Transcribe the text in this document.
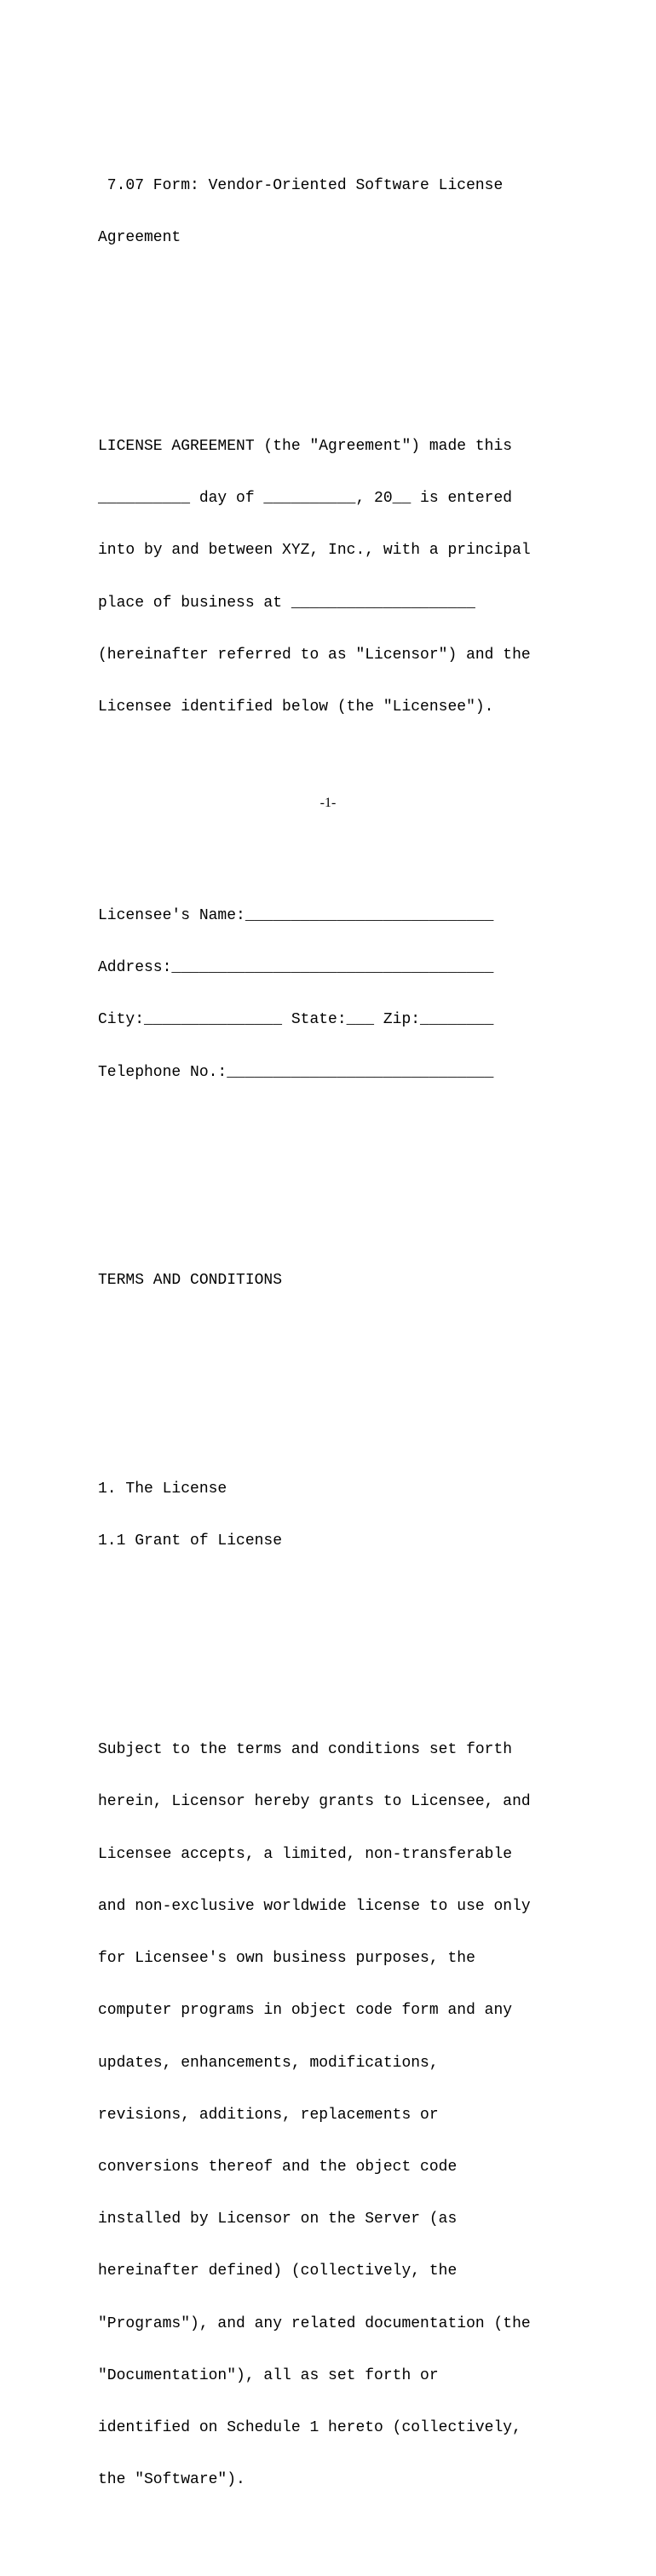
7.07 Form: Vendor-Oriented Software License

Agreement

LICENSE AGREEMENT (the "Agreement") made this

__________ day of __________, 20__ is entered

into by and between XYZ, Inc., with a principal

place of business at ____________________

(hereinafter referred to as "Licensor") and the

Licensee identified below (the "Licensee").

Licensee's Name:___________________________

Address:___________________________________

City:_______________ State:___ Zip:________

Telephone No.:_____________________________

TERMS AND CONDITIONS

1. The License

1.1 Grant of License

Subject to the terms and conditions set forth

herein, Licensor hereby grants to Licensee, and

Licensee accepts, a limited, non-transferable

and non-exclusive worldwide license to use only

for Licensee's own business purposes, the

computer programs in object code form and any

updates, enhancements, modifications,

revisions, additions, replacements or

conversions thereof and the object code

installed by Licensor on the Server (as

hereinafter defined) (collectively, the

"Programs"), and any related documentation (the

"Documentation"), all as set forth or

identified on Schedule 1 hereto (collectively,

the "Software").

-1-
